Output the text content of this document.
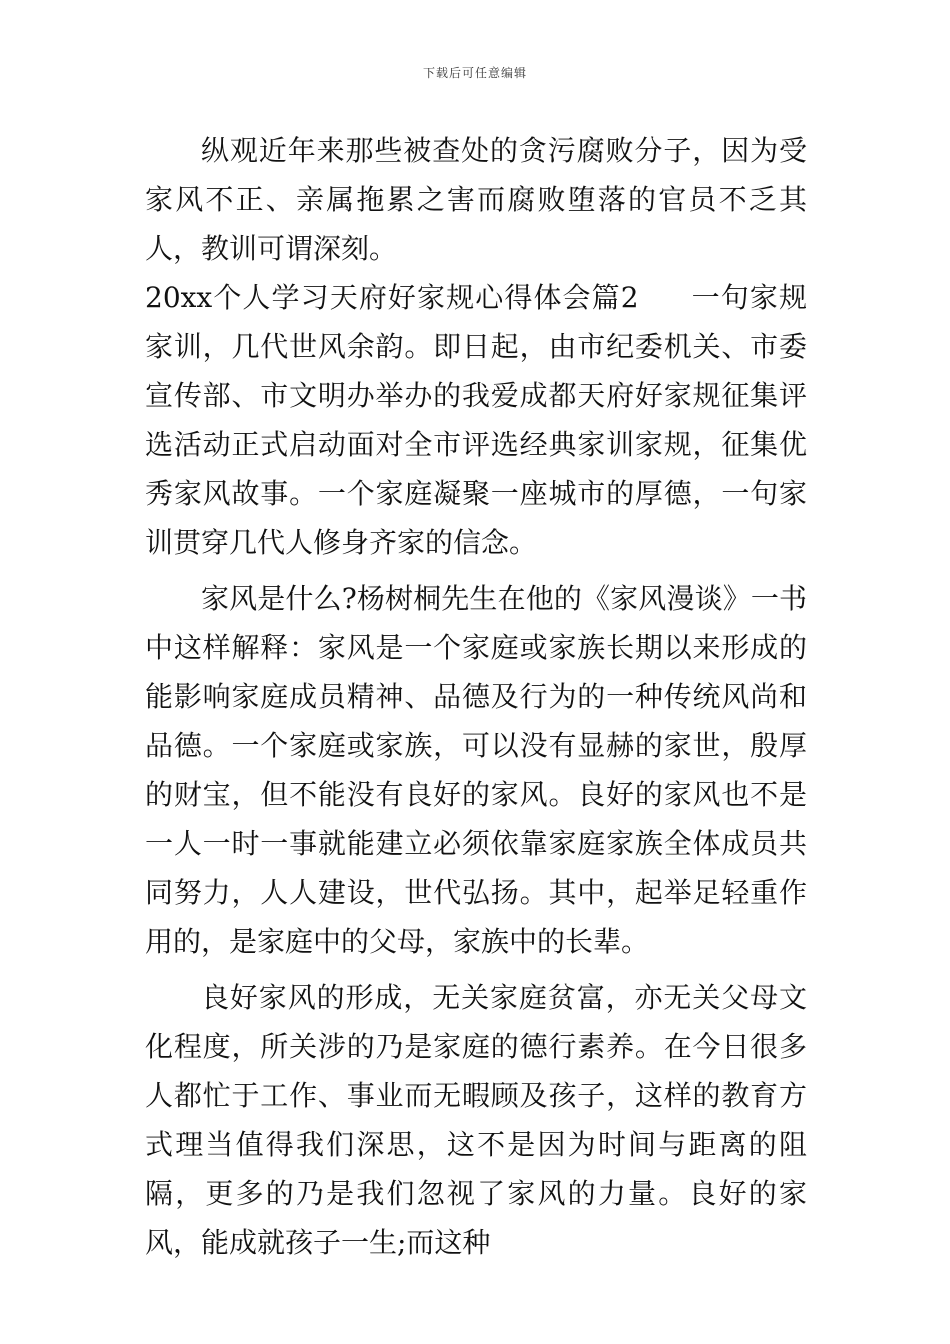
下载后可任意编辑

纵观近年来那些被查处的贪污腐败分子，因为受家风不正、亲属拖累之害而腐败堕落的官员不乏其人，教训可谓深刻。

20xx个人学习天府好家规心得体会篇2 一句家规家训，几代世风余韵。即日起，由市纪委机关、市委宣传部、市文明办举办的我爱成都天府好家规征集评选活动正式启动面对全市评选经典家训家规，征集优秀家风故事。一个家庭凝聚一座城市的厚德，一句家训贯穿几代人修身齐家的信念。

家风是什么?杨树桐先生在他的《家风漫谈》一书中这样解释：家风是一个家庭或家族长期以来形成的能影响家庭成员精神、品德及行为的一种传统风尚和品德。一个家庭或家族，可以没有显赫的家世，殷厚的财宝，但不能没有良好的家风。良好的家风也不是一人一时一事就能建立必须依靠家庭家族全体成员共同努力，人人建设，世代弘扬。其中，起举足轻重作用的，是家庭中的父母，家族中的长辈。

良好家风的形成，无关家庭贫富，亦无关父母文化程度，所关涉的乃是家庭的德行素养。在今日很多人都忙于工作、事业而无暇顾及孩子，这样的教育方式理当值得我们深思，这不是因为时间与距离的阻隔，更多的乃是我们忽视了家风的力量。良好的家风，能成就孩子一生;而这种
